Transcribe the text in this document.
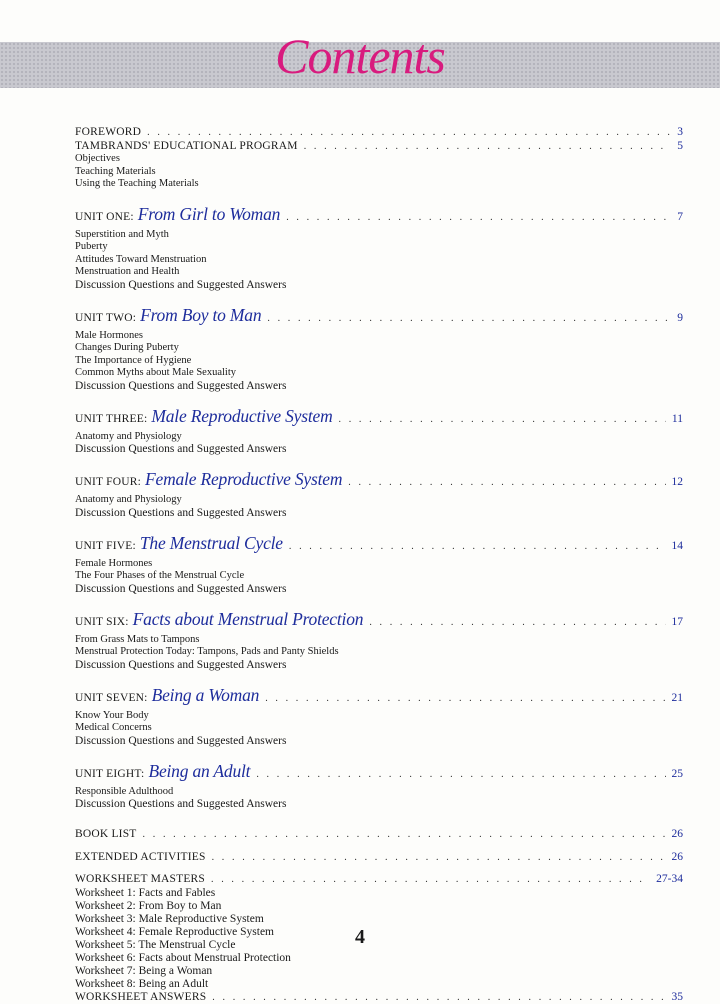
Contents
FOREWORD . . .	3
TAMBRANDS' EDUCATIONAL PROGRAM . . .	5
Objectives
Teaching Materials
Using the Teaching Materials
UNIT ONE: From Girl to Woman . . .	7
Superstition and Myth
Puberty
Attitudes Toward Menstruation
Menstruation and Health
Discussion Questions and Suggested Answers
UNIT TWO: From Boy to Man . . .	9
Male Hormones
Changes During Puberty
The Importance of Hygiene
Common Myths about Male Sexuality
Discussion Questions and Suggested Answers
UNIT THREE: Male Reproductive System . . .	11
Anatomy and Physiology
Discussion Questions and Suggested Answers
UNIT FOUR: Female Reproductive System . . .	12
Anatomy and Physiology
Discussion Questions and Suggested Answers
UNIT FIVE: The Menstrual Cycle . . .	14
Female Hormones
The Four Phases of the Menstrual Cycle
Discussion Questions and Suggested Answers
UNIT SIX: Facts about Menstrual Protection . . .	17
From Grass Mats to Tampons
Menstrual Protection Today: Tampons, Pads and Panty Shields
Discussion Questions and Suggested Answers
UNIT SEVEN: Being a Woman . . .	21
Know Your Body
Medical Concerns
Discussion Questions and Suggested Answers
UNIT EIGHT: Being an Adult . . .	25
Responsible Adulthood
Discussion Questions and Suggested Answers
BOOK LIST . . .	26
EXTENDED ACTIVITIES . . .	26
WORKSHEET MASTERS . . .	27-34
Worksheet 1: Facts and Fables
Worksheet 2: From Boy to Man
Worksheet 3: Male Reproductive System
Worksheet 4: Female Reproductive System
Worksheet 5: The Menstrual Cycle
Worksheet 6: Facts about Menstrual Protection
Worksheet 7: Being a Woman
Worksheet 8: Being an Adult
WORKSHEET ANSWERS . . .	35
4
